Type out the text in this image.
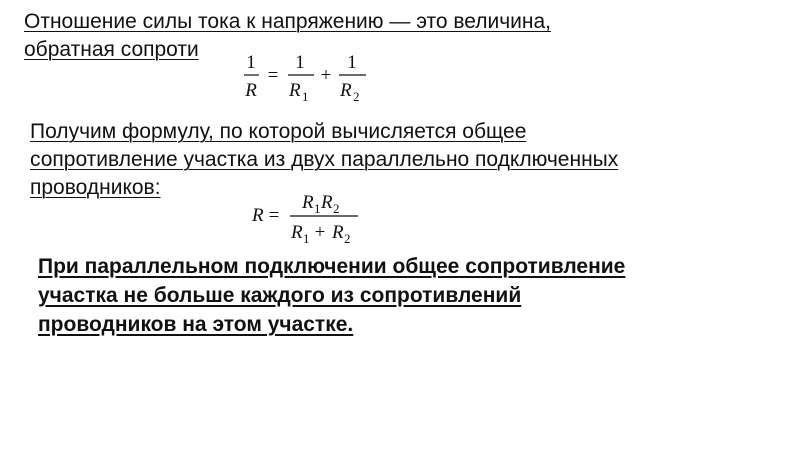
Отношение силы тока к напряжению — это величина,
обратная сопроти
1
R
=
1
R 1
+
1
R 2
Получим формулу, по которой вычисляется общее
сопротивление участка из двух параллельно подключенных
проводников:
R =
R 1 R 2
R 1 + R 2
При параллельном подключении общее сопротивление
участка не больше каждого из сопротивлений
проводников на этом участке.
